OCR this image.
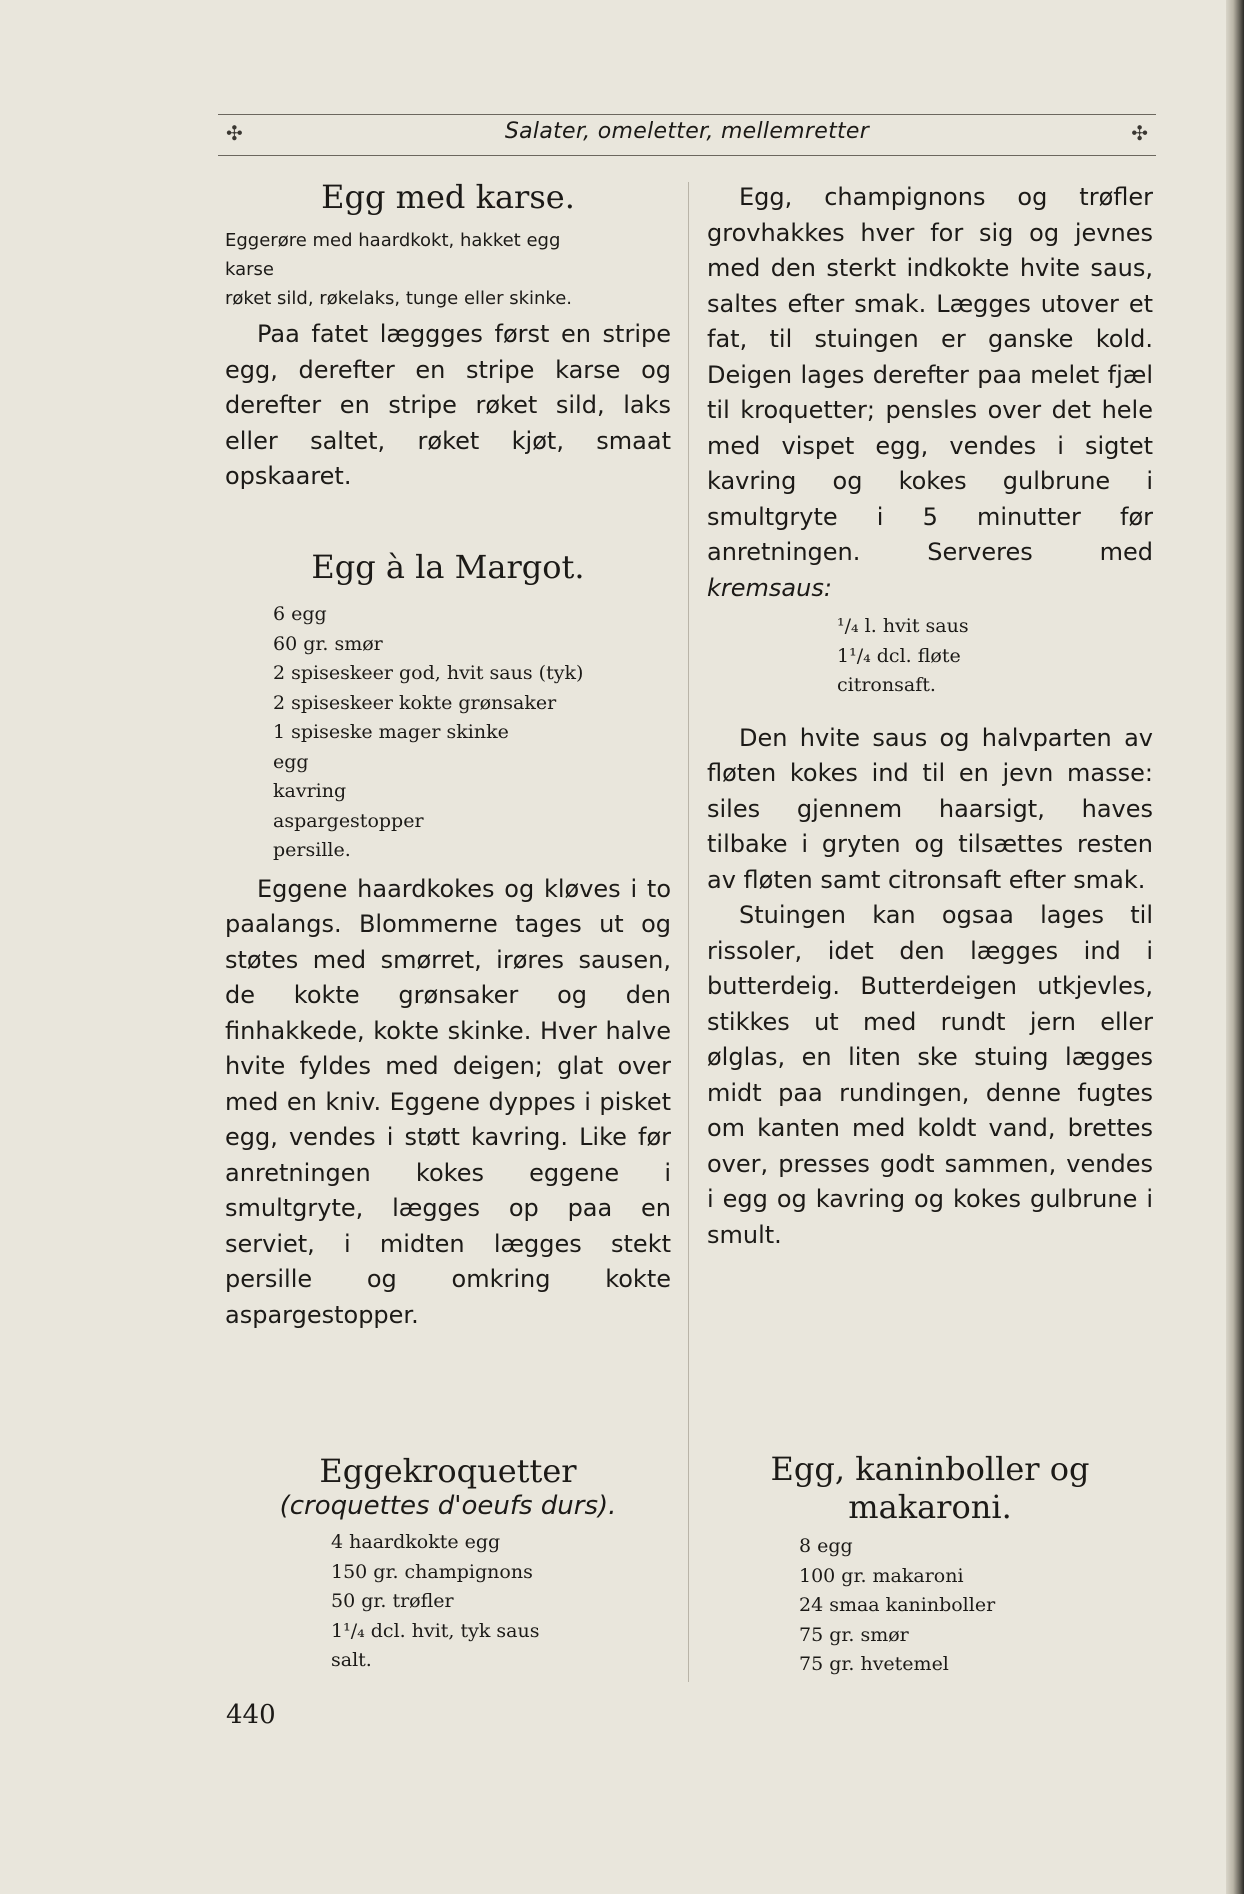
✣	Salater, omeletter, mellemretter	✣
Egg med karse.
Eggerøre med haardkokt, hakket egg
karse
røket sild, røkelaks, tunge eller skinke.

Paa fatet læggges først en stripe egg, derefter en stripe karse og derefter en stripe røket sild, laks eller saltet, røket kjøt, smaat opskaaret.

Egg à la Margot.
6 egg
60 gr. smør
2 spiseskeer god, hvit saus (tyk)
2 spiseskeer kokte grønsaker
1 spiseske mager skinke
egg
kavring
aspargestopper
persille.

Eggene haardkokes og kløves i to paalangs. Blommerne tages ut og støtes med smørret, irøres sausen, de kokte grønsaker og den finhakkede, kokte skinke. Hver halve hvite fyldes med deigen; glat over med en kniv. Eggene dyppes i pisket egg, vendes i støtt kavring. Like før anretningen kokes eggene i smultgryte, lægges op paa en serviet, i midten lægges stekt persille og omkring kokte aspargestopper.

Eggekroquetter
(croquettes d'oeufs durs).
4 haardkokte egg
150 gr. champignons
50 gr. trøfler
1¹/₄ dcl. hvit, tyk saus
salt.

Egg, champignons og trøfler grovhakkes hver for sig og jevnes med den sterkt indkokte hvite saus, saltes efter smak. Lægges utover et fat, til stuingen er ganske kold. Deigen lages derefter paa melet fjæl til kroquetter; pensles over det hele med vispet egg, vendes i sigtet kavring og kokes gulbrune i smultgryte i 5 minutter før anretningen. Serveres med kremsaus:

¹/₄ l. hvit saus
1¹/₄ dcl. fløte
citronsaft.

Den hvite saus og halvparten av fløten kokes ind til en jevn masse: siles gjennem haarsigt, haves tilbake i gryten og tilsættes resten av fløten samt citronsaft efter smak.

Stuingen kan ogsaa lages til rissoler, idet den lægges ind i butterdeig. Butterdeigen utkjevles, stikkes ut med rundt jern eller ølglas, en liten ske stuing lægges midt paa rundingen, denne fugtes om kanten med koldt vand, brettes over, presses godt sammen, vendes i egg og kavring og kokes gulbrune i smult.

Egg, kaninboller og makaroni.
8 egg
100 gr. makaroni
24 smaa kaninboller
75 gr. smør
75 gr. hvetemel
440
